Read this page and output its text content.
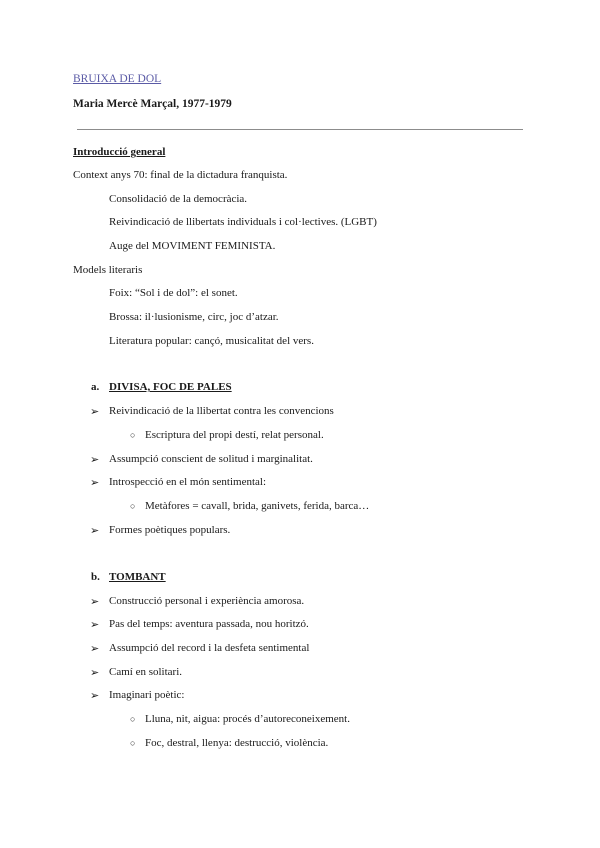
BRUIXA DE DOL
Maria Mercè Marçal, 1977-1979
Introducció general
Context anys 70: final de la dictadura franquista.
Consolidació de la democràcia.
Reivindicació de llibertats individuals i col·lectives. (LGBT)
Auge del MOVIMENT FEMINISTA.
Models literaris
Foix: “Sol i de dol”: el sonet.
Brossa: il·lusionisme, circ, joc d’atzar.
Literatura popular: cançó, musicalitat del vers.
a. DIVISA, FOC DE PALES
➢ Reivindicació de la llibertat contra les convencions
○ Escriptura del propi destí, relat personal.
➢ Assumpció conscient de solitud i marginalitat.
➢ Introspecció en el món sentimental:
○ Metàfores = cavall, brida, ganivets, ferida, barca…
➢ Formes poètiques populars.
b. TOMBANT
➢ Construcció personal i experiència amorosa.
➢ Pas del temps: aventura passada, nou horitzó.
➢ Assumpció del record i la desfeta sentimental
➢ Camí en solitari.
➢ Imaginari poètic:
○ Lluna, nit, aigua: procés d’autoreconeixement.
○ Foc, destral, llenya: destrucció, violència.
